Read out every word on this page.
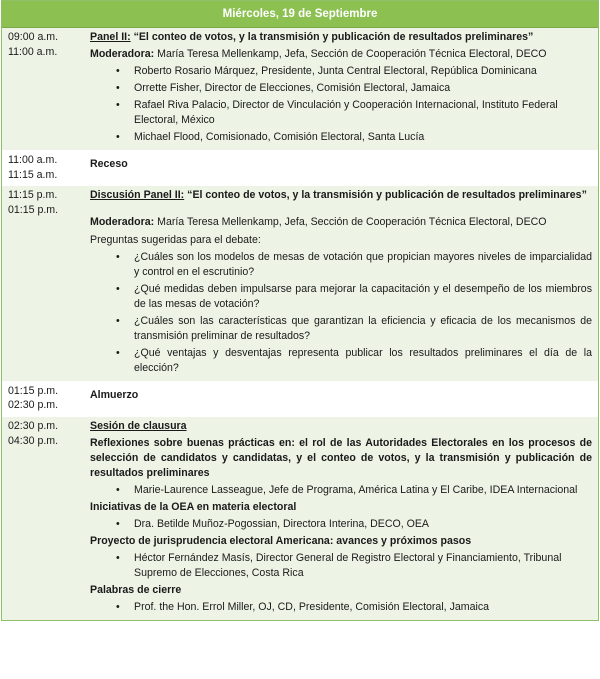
Miércoles, 19 de Septiembre
09:00 a.m.
11:00 a.m.

Panel II: “El conteo de votos, y la transmisión y publicación de resultados preliminares”

Moderadora: María Teresa Mellenkamp, Jefa, Sección de Cooperación Técnica Electoral, DECO

• Roberto Rosario Márquez, Presidente, Junta Central Electoral, República Dominicana
• Orrette Fisher, Director de Elecciones, Comisión Electoral, Jamaica
• Rafael Riva Palacio, Director de Vinculación y Cooperación Internacional, Instituto Federal Electoral, México
• Michael Flood, Comisionado, Comisión Electoral, Santa Lucía
11:00 a.m.
11:15 a.m.

Receso

11:15 p.m.
01:15 p.m.

Discusión Panel II: “El conteo de votos, y la transmisión y publicación de resultados preliminares”

Moderadora: María Teresa Mellenkamp, Jefa, Sección de Cooperación Técnica Electoral, DECO

Preguntas sugeridas para el debate:

• ¿Cuáles son los modelos de mesas de votación que propician mayores niveles de imparcialidad y control en el escrutinio?
• ¿Qué medidas deben impulsarse para mejorar la capacitación y el desempeño de los miembros de las mesas de votación?
• ¿Cuáles son las características que garantizan la eficiencia y eficacia de los mecanismos de transmisión preliminar de resultados?
• ¿Qué ventajas y desventajas representa publicar los resultados preliminares el día de la elección?
01:15 p.m.
02:30 p.m.

Almuerzo

02:30 p.m.
04:30 p.m.

Sesión de clausura

Reflexiones sobre buenas prácticas en: el rol de las Autoridades Electorales en los procesos de selección de candidatos y candidatas, y el conteo de votos, y la transmisión y publicación de resultados preliminares

• Marie-Laurence Lasseague, Jefe de Programa, América Latina y El Caribe, IDEA Internacional

Iniciativas de la OEA en materia electoral

• Dra. Betilde Muñoz-Pogossian, Directora Interina, DECO, OEA

Proyecto de jurisprudencia electoral Americana: avances y próximos pasos

• Héctor Fernández Masís, Director General de Registro Electoral y Financiamiento, Tribunal Supremo de Elecciones, Costa Rica

Palabras de cierre

• Prof. the Hon. Errol Miller, OJ, CD, Presidente, Comisión Electoral, Jamaica
